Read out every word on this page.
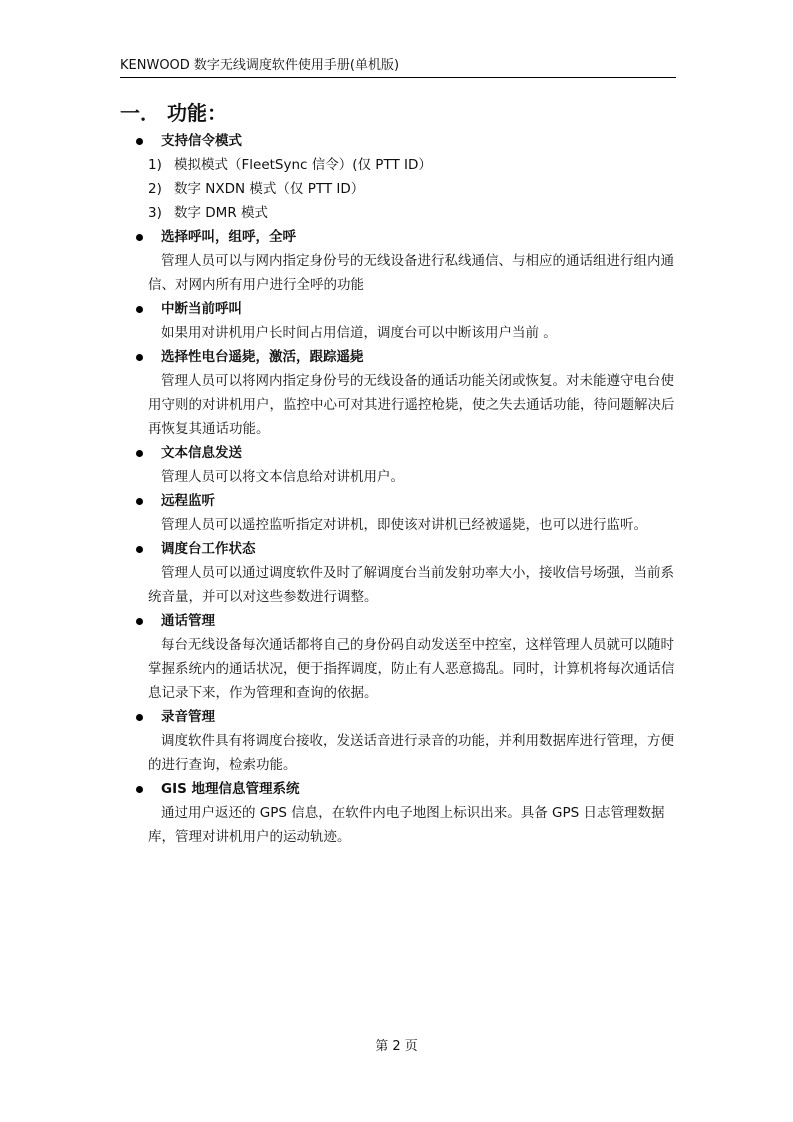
KENWOOD 数字无线调度软件使用手册(单机版)
一． 功能：
支持信令模式
1) 模拟模式（FleetSync 信令）(仅 PTT ID）
2) 数字 NXDN 模式（仅 PTT ID）
3) 数字 DMR 模式
选择呼叫，组呼，全呼
管理人员可以与网内指定身份号的无线设备进行私线通信、与相应的通话组进行组内通信、对网内所有用户进行全呼的功能
中断当前呼叫
如果用对讲机用户长时间占用信道，调度台可以中断该用户当前 。
选择性电台遥毙，激活，跟踪遥毙
管理人员可以将网内指定身份号的无线设备的通话功能关闭或恢复。对未能遵守电台使用守则的对讲机用户，监控中心可对其进行遥控枪毙，使之失去通话功能，待问题解决后再恢复其通话功能。
文本信息发送
管理人员可以将文本信息给对讲机用户。
远程监听
管理人员可以遥控监听指定对讲机，即使该对讲机已经被遥毙，也可以进行监听。
调度台工作状态
管理人员可以通过调度软件及时了解调度台当前发射功率大小，接收信号场强，当前系统音量，并可以对这些参数进行调整。
通话管理
每台无线设备每次通话都将自己的身份码自动发送至中控室，这样管理人员就可以随时掌握系统内的通话状况，便于指挥调度，防止有人恶意捣乱。同时，计算机将每次通话信息记录下来，作为管理和查询的依据。
录音管理
调度软件具有将调度台接收，发送话音进行录音的功能，并利用数据库进行管理，方便的进行查询，检索功能。
GIS 地理信息管理系统
通过用户返还的 GPS 信息，在软件内电子地图上标识出来。具备 GPS 日志管理数据库，管理对讲机用户的运动轨迹。
第 2 页
